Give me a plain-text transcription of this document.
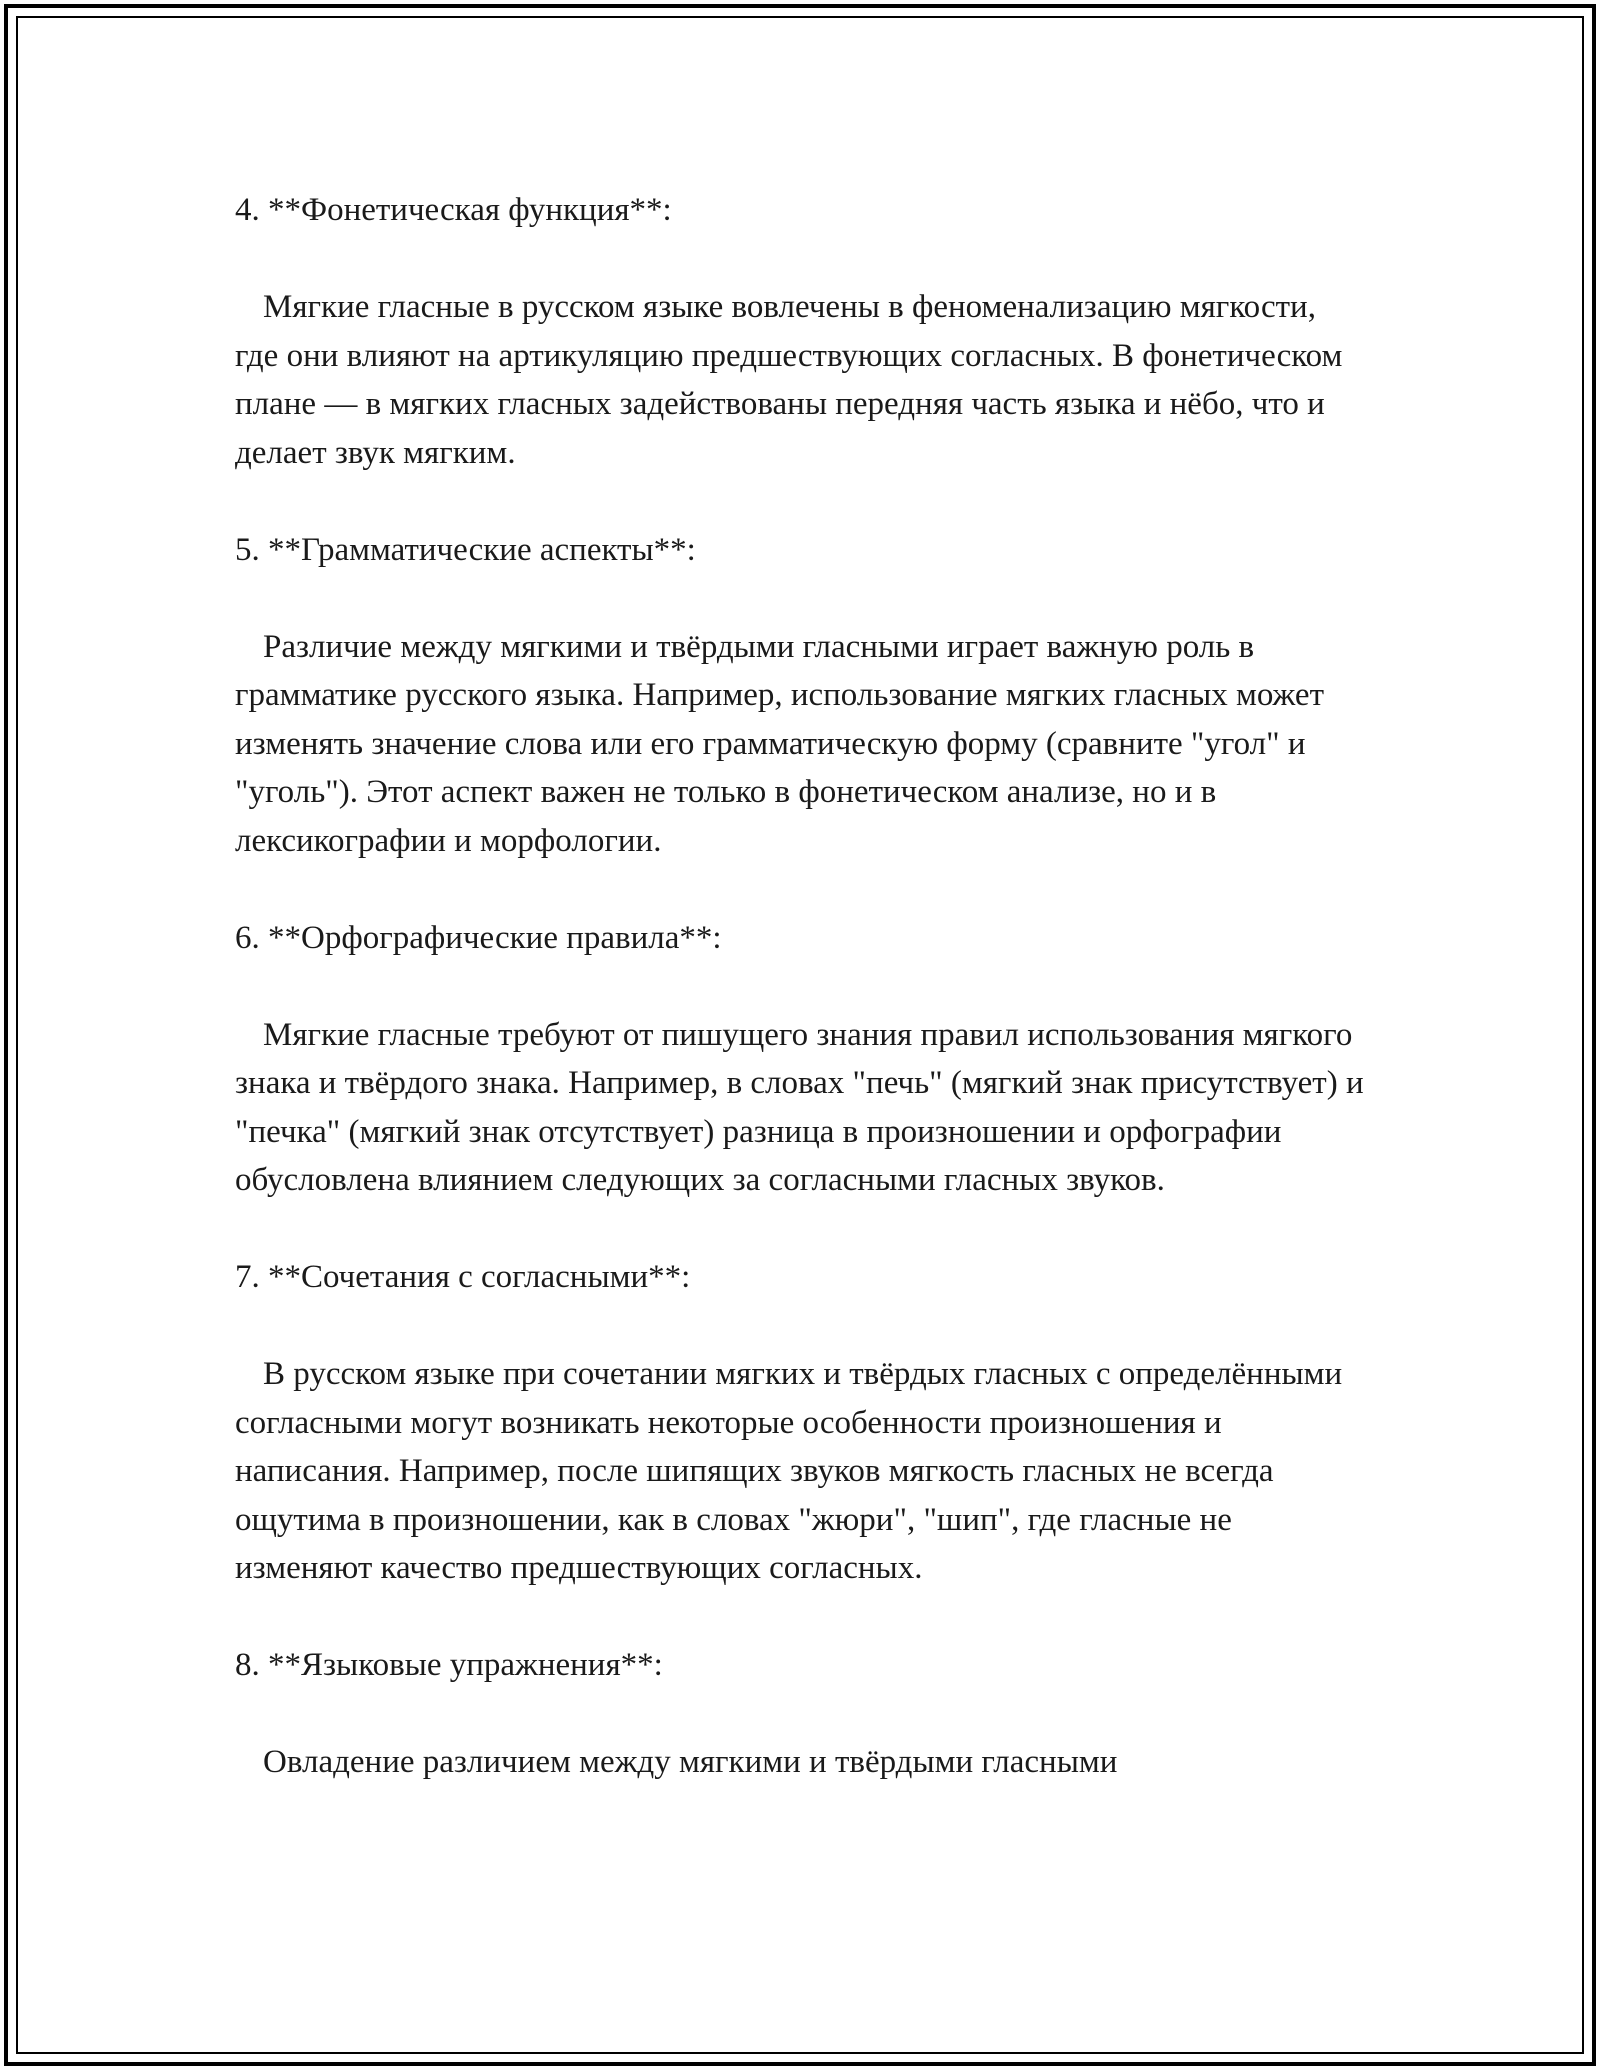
4. **Фонетическая функция**:

Мягкие гласные в русском языке вовлечены в феноменализацию мягкости, где они влияют на артикуляцию предшествующих согласных. В фонетическом плане — в мягких гласных задействованы передняя часть языка и нёбо, что и делает звук мягким.

5. **Грамматические аспекты**:

Различие между мягкими и твёрдыми гласными играет важную роль в грамматике русского языка. Например, использование мягких гласных может изменять значение слова или его грамматическую форму (сравните "угол" и "уголь"). Этот аспект важен не только в фонетическом анализе, но и в лексикографии и морфологии.

6. **Орфографические правила**:

Мягкие гласные требуют от пишущего знания правил использования мягкого знака и твёрдого знака. Например, в словах "печь" (мягкий знак присутствует) и "печка" (мягкий знак отсутствует) разница в произношении и орфографии обусловлена влиянием следующих за согласными гласных звуков.

7. **Сочетания с согласными**:

В русском языке при сочетании мягких и твёрдых гласных с определёнными согласными могут возникать некоторые особенности произношения и написания. Например, после шипящих звуков мягкость гласных не всегда ощутима в произношении, как в словах "жюри", "шип", где гласные не изменяют качество предшествующих согласных.

8. **Языковые упражнения**:

Овладение различием между мягкими и твёрдыми гласными
